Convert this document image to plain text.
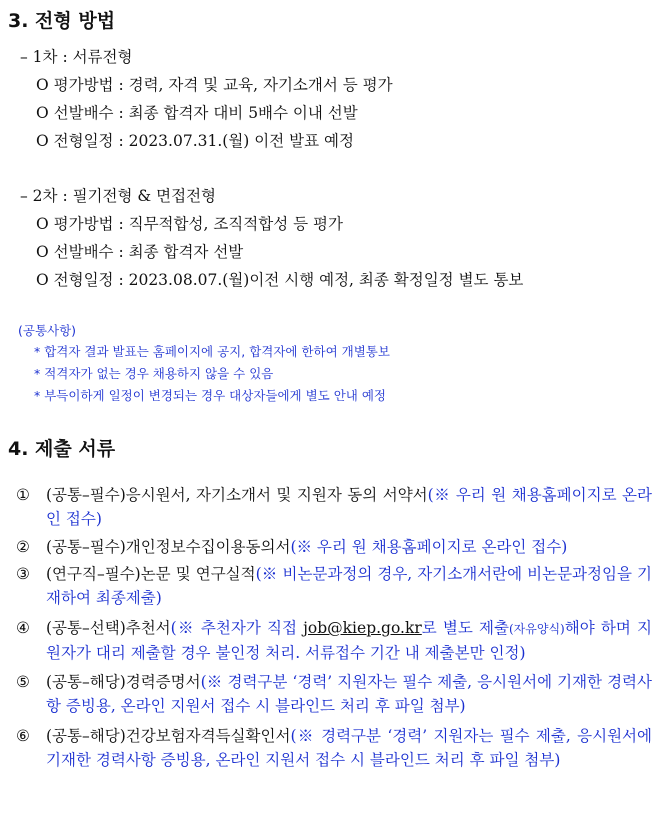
3. 전형 방법
– 1차 : 서류전형
O 평가방법 : 경력, 자격 및 교육, 자기소개서 등 평가
O 선발배수 : 최종 합격자 대비 5배수 이내 선발
O 전형일정 : 2023.07.31.(월) 이전 발표 예정
– 2차 : 필기전형 & 면접전형
O 평가방법 : 직무적합성, 조직적합성 등 평가
O 선발배수 : 최종 합격자 선발
O 전형일정 : 2023.08.07.(월)이전 시행 예정, 최종 확정일정 별도 통보
(공통사항)
* 합격자 결과 발표는 홈페이지에 공지, 합격자에 한하여 개별통보
* 적격자가 없는 경우 채용하지 않을 수 있음
* 부득이하게 일정이 변경되는 경우 대상자들에게 별도 안내 예정
4. 제출 서류
①	(공통–필수)응시원서, 자기소개서 및 지원자 동의 서약서(※ 우리 원 채용홈페이지로 온라인 접수)
②	(공통–필수)개인정보수집이용동의서(※ 우리 원 채용홈페이지로 온라인 접수)
③	(연구직–필수)논문 및 연구실적(※ 비논문과정의 경우, 자기소개서란에 비논문과정임을 기재하여 최종제출)
④	(공통–선택)추천서(※ 추천자가 직접 job@kiep.go.kr로 별도 제출(자유양식)해야 하며 지원자가 대리 제출할 경우 불인정 처리. 서류접수 기간 내 제출본만 인정)
⑤	(공통–해당)경력증명서(※ 경력구분 ‘경력’ 지원자는 필수 제출, 응시원서에 기재한 경력사항 증빙용, 온라인 지원서 접수 시 블라인드 처리 후 파일 첨부)
⑥	(공통–해당)건강보험자격득실확인서(※ 경력구분 ‘경력’ 지원자는 필수 제출, 응시원서에 기재한 경력사항 증빙용, 온라인 지원서 접수 시 블라인드 처리 후 파일 첨부)
